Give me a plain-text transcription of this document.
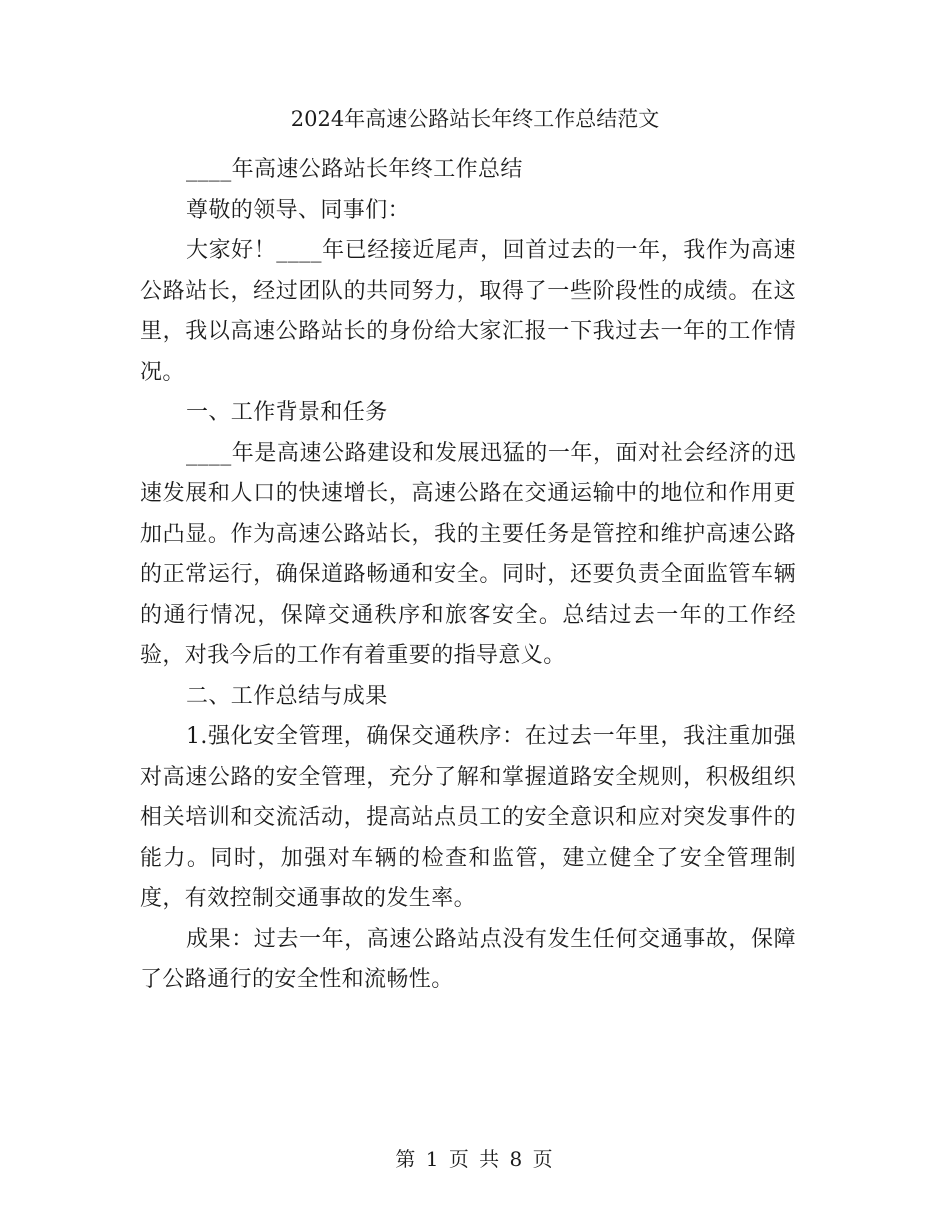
2024年高速公路站长年终工作总结范文

____年高速公路站长年终工作总结

尊敬的领导、同事们：

大家好！____年已经接近尾声，回首过去的一年，我作为高速公路站长，经过团队的共同努力，取得了一些阶段性的成绩。在这里，我以高速公路站长的身份给大家汇报一下我过去一年的工作情况。

一、工作背景和任务

____年是高速公路建设和发展迅猛的一年，面对社会经济的迅速发展和人口的快速增长，高速公路在交通运输中的地位和作用更加凸显。作为高速公路站长，我的主要任务是管控和维护高速公路的正常运行，确保道路畅通和安全。同时，还要负责全面监管车辆的通行情况，保障交通秩序和旅客安全。总结过去一年的工作经验，对我今后的工作有着重要的指导意义。

二、工作总结与成果

1.强化安全管理，确保交通秩序：在过去一年里，我注重加强对高速公路的安全管理，充分了解和掌握道路安全规则，积极组织相关培训和交流活动，提高站点员工的安全意识和应对突发事件的能力。同时，加强对车辆的检查和监管，建立健全了安全管理制度，有效控制交通事故的发生率。

成果：过去一年，高速公路站点没有发生任何交通事故，保障了公路通行的安全性和流畅性。

第 1 页 共 8 页
